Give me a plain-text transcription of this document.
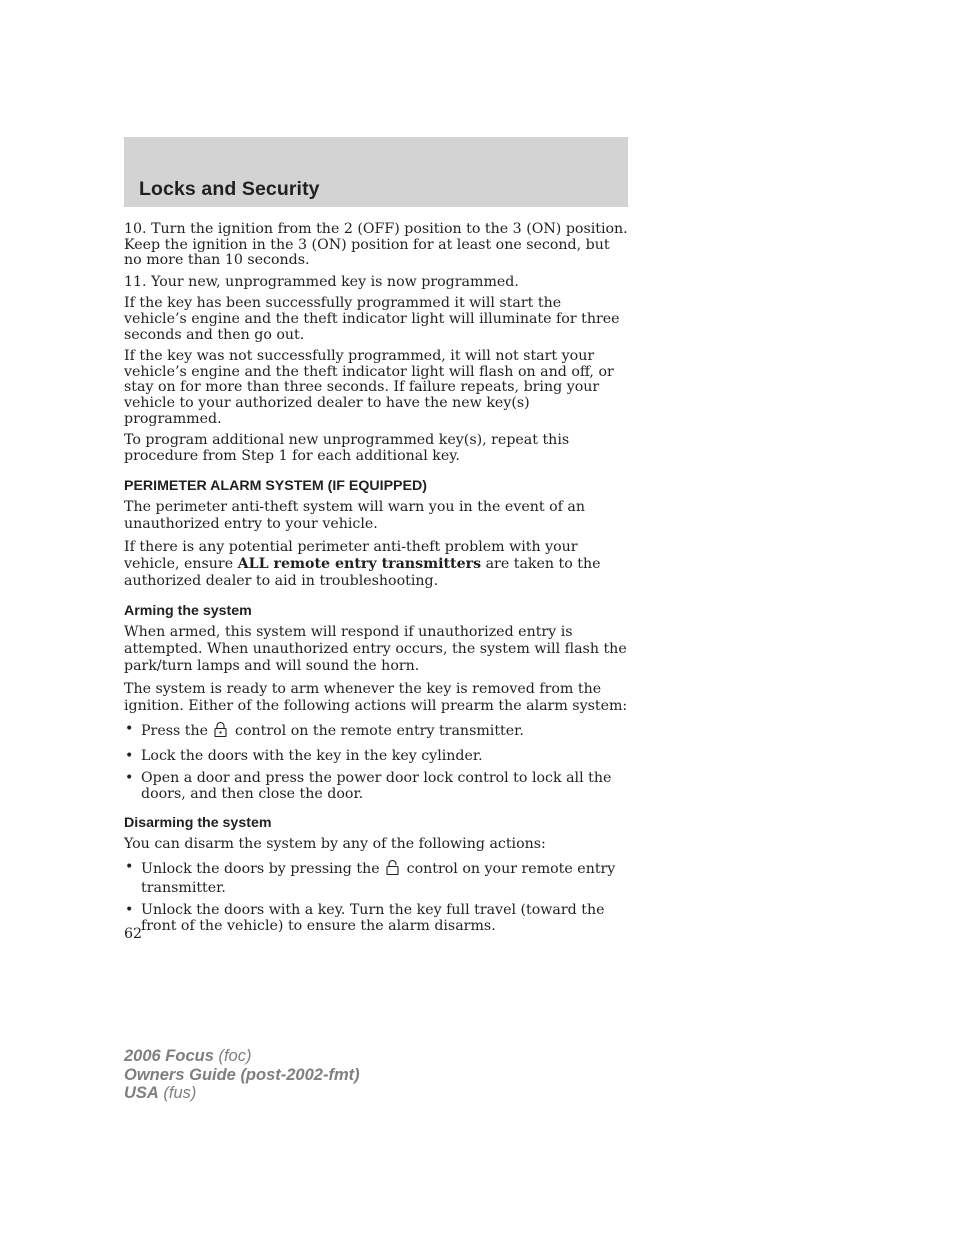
Locks and Security

10. Turn the ignition from the 2 (OFF) position to the 3 (ON) position. Keep the ignition in the 3 (ON) position for at least one second, but no more than 10 seconds.

11. Your new, unprogrammed key is now programmed.

If the key has been successfully programmed it will start the vehicle’s engine and the theft indicator light will illuminate for three seconds and then go out.

If the key was not successfully programmed, it will not start your vehicle’s engine and the theft indicator light will flash on and off, or stay on for more than three seconds. If failure repeats, bring your vehicle to your authorized dealer to have the new key(s) programmed.

To program additional new unprogrammed key(s), repeat this procedure from Step 1 for each additional key.

PERIMETER ALARM SYSTEM (IF EQUIPPED)

The perimeter anti-theft system will warn you in the event of an unauthorized entry to your vehicle.

If there is any potential perimeter anti-theft problem with your vehicle, ensure ALL remote entry transmitters are taken to the authorized dealer to aid in troubleshooting.

Arming the system

When armed, this system will respond if unauthorized entry is attempted. When unauthorized entry occurs, the system will flash the park/turn lamps and will sound the horn.

The system is ready to arm whenever the key is removed from the ignition. Either of the following actions will prearm the alarm system:

• Press the control on the remote entry transmitter.
• Lock the doors with the key in the key cylinder.
• Open a door and press the power door lock control to lock all the doors, and then close the door.
Disarming the system

You can disarm the system by any of the following actions:

• Unlock the doors by pressing the control on your remote entry transmitter.
• Unlock the doors with a key. Turn the key full travel (toward the front of the vehicle) to ensure the alarm disarms.
62
2006 Focus (foc)
Owners Guide (post-2002-fmt)
USA (fus)
